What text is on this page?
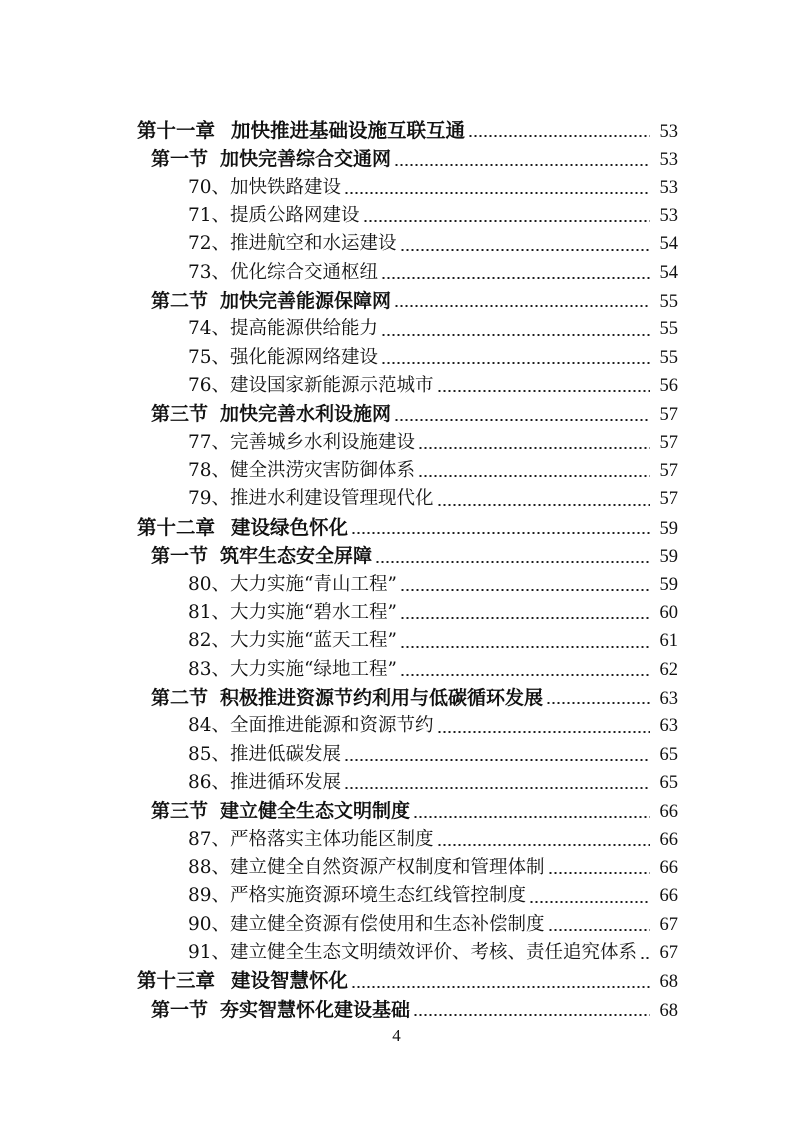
第十一章 加快推进基础设施互联互通	53
第一节 加快完善综合交通网	53
70、 加快铁路建设	53
71、 提质公路网建设	53
72、 推进航空和水运建设	54
73、 优化综合交通枢纽	54
第二节 加快完善能源保障网	55
74、 提高能源供给能力	55
75、 强化能源网络建设	55
76、 建设国家新能源示范城市	56
第三节 加快完善水利设施网	57
77、 完善城乡水利设施建设	57
78、 健全洪涝灾害防御体系	57
79、 推进水利建设管理现代化	57
第十二章 建设绿色怀化	59
第一节 筑牢生态安全屏障	59
80、 大力实施“青山工程”	59
81、 大力实施“碧水工程”	60
82、 大力实施“蓝天工程”	61
83、 大力实施“绿地工程”	62
第二节 积极推进资源节约利用与低碳循环发展	63
84、 全面推进能源和资源节约	63
85、 推进低碳发展	65
86、 推进循环发展	65
第三节 建立健全生态文明制度	66
87、 严格落实主体功能区制度	66
88、 建立健全自然资源产权制度和管理体制	66
89、 严格实施资源环境生态红线管控制度	66
90、 建立健全资源有偿使用和生态补偿制度	67
91、 建立健全生态文明绩效评价、考核、责任追究体系	67
第十三章 建设智慧怀化	68
第一节 夯实智慧怀化建设基础	68
4
